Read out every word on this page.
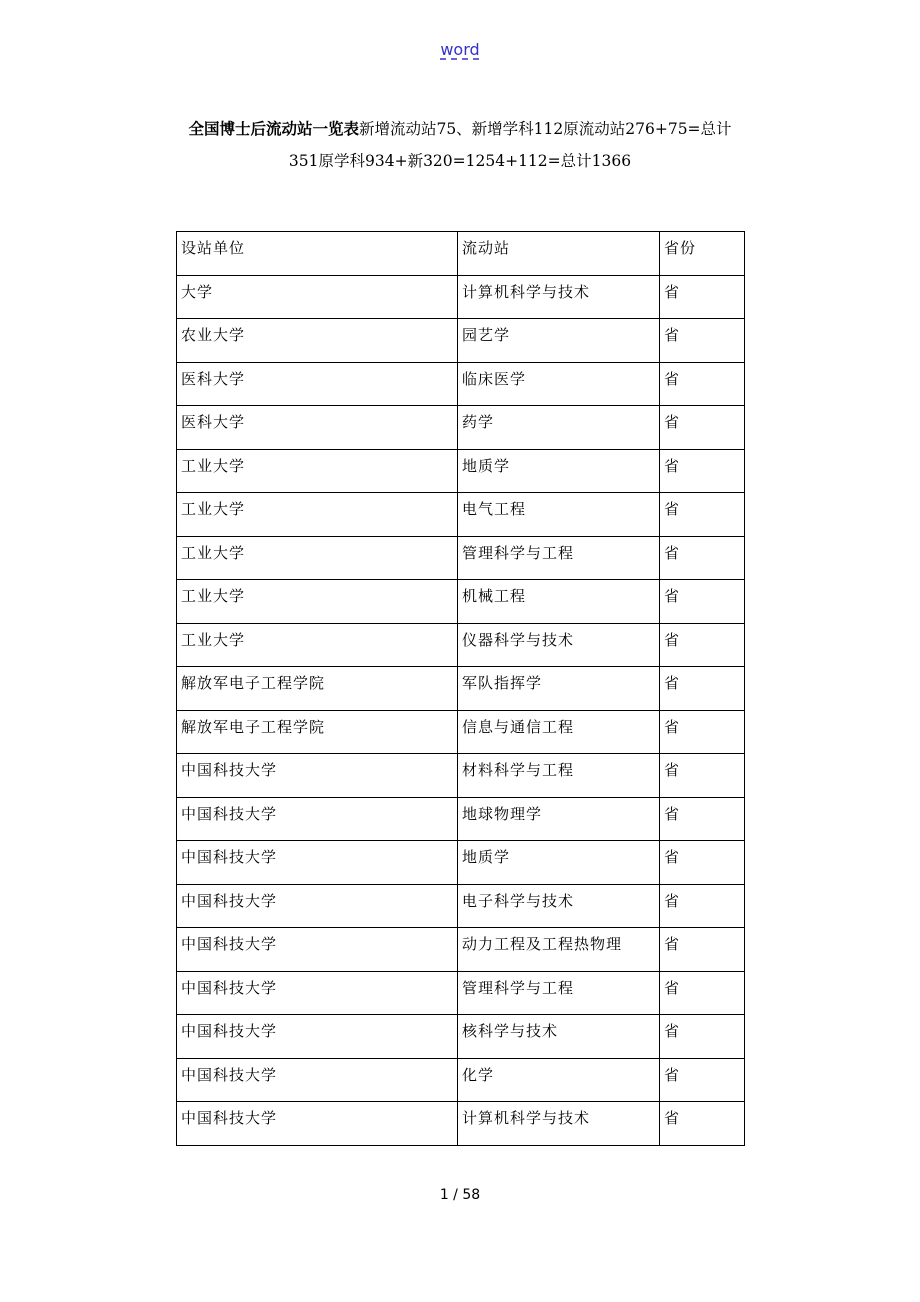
word
全国博士后流动站一览表新增流动站75、新增学科112原流动站276+75=总计
351原学科934+新320=1254+112=总计1366
设站单位	流动站	省份

大学	计算机科学与技术	省

农业大学	园艺学	省

医科大学	临床医学	省

医科大学	药学	省

工业大学	地质学	省

工业大学	电气工程	省

工业大学	管理科学与工程	省

工业大学	机械工程	省

工业大学	仪器科学与技术	省

解放军电子工程学院	军队指挥学	省

解放军电子工程学院	信息与通信工程	省

中国科技大学	材料科学与工程	省

中国科技大学	地球物理学	省

中国科技大学	地质学	省

中国科技大学	电子科学与技术	省

中国科技大学	动力工程及工程热物理	省

中国科技大学	管理科学与工程	省

中国科技大学	核科学与技术	省

中国科技大学	化学	省

中国科技大学	计算机科学与技术	省
1 / 58
